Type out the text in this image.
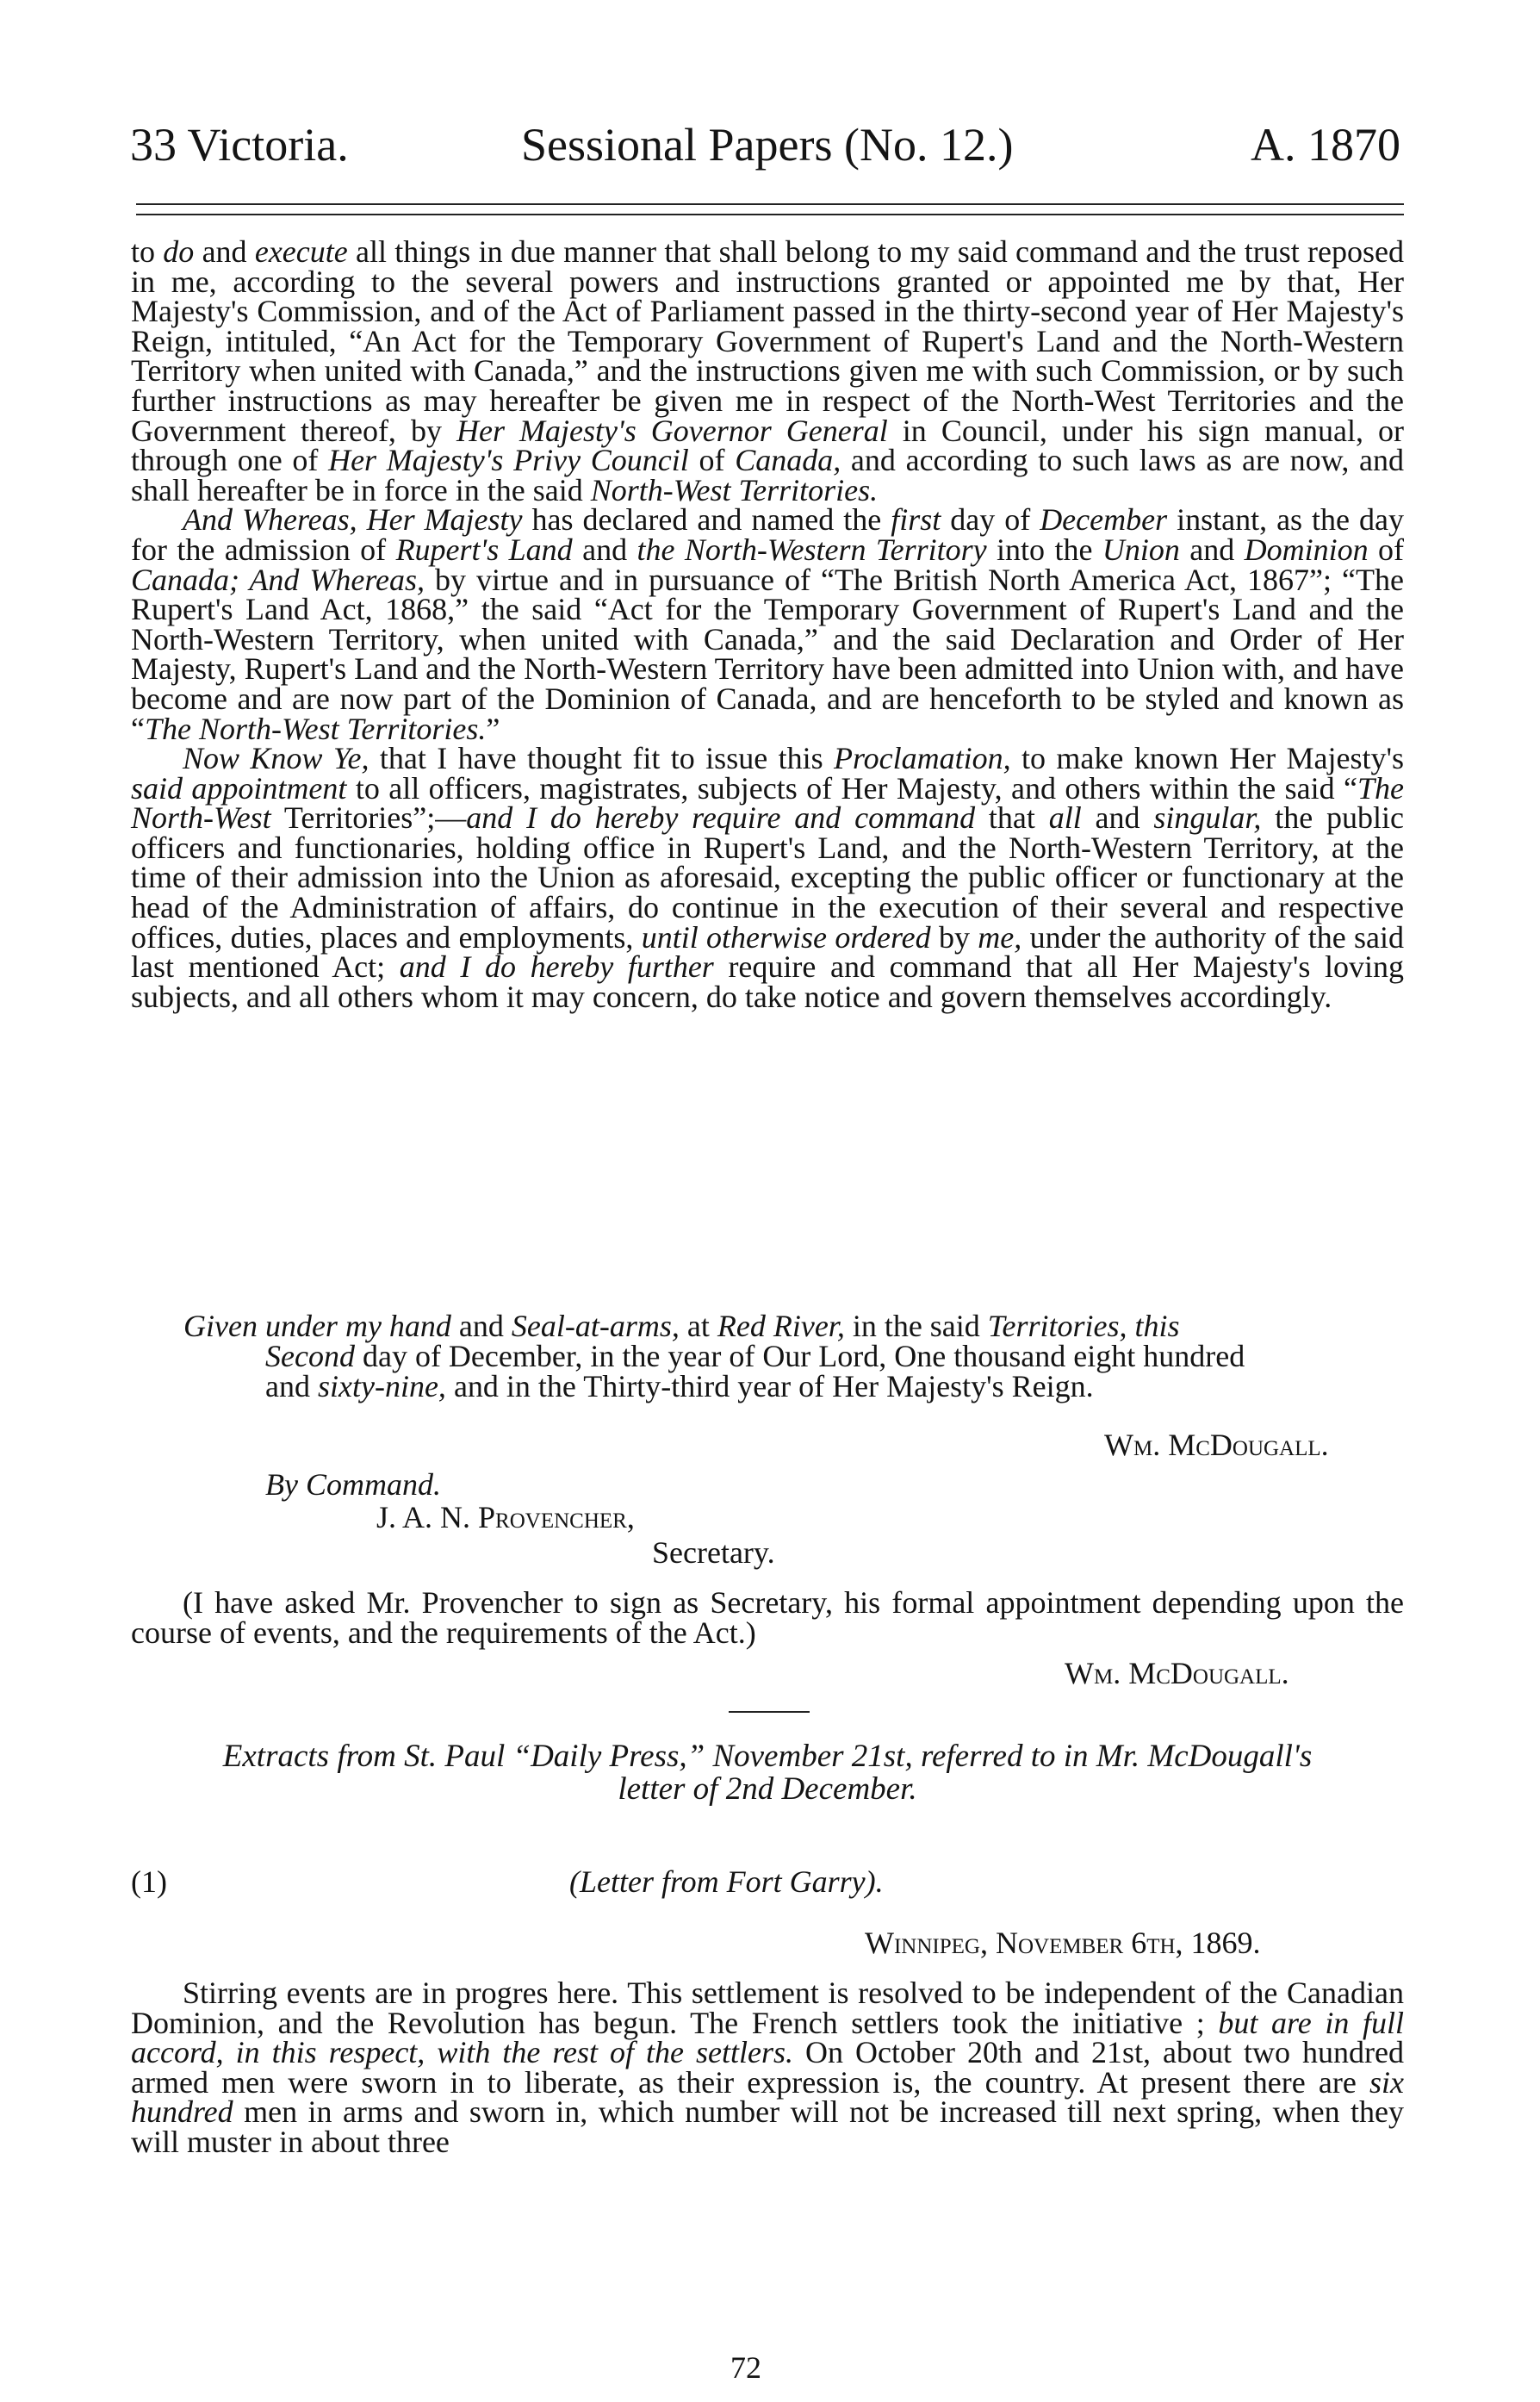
33 Victoria.	Sessional Papers (No. 12.)	A. 1870

to do and execute all things in due manner that shall belong to my said command and the trust reposed in me, according to the several powers and instructions granted or appointed me by that, Her Majesty's Commission, and of the Act of Parliament passed in the thirty-second year of Her Majesty's Reign, intituled, “An Act for the Temporary Government of Rupert's Land and the North-Western Territory when united with Canada,” and the instructions given me with such Commission, or by such further instructions as may hereafter be given me in respect of the North-West Territories and the Government thereof, by Her Majesty's Governor General in Council, under his sign manual, or through one of Her Majesty's Privy Council of Canada, and according to such laws as are now, and shall hereafter be in force in the said North-West Territories.

And Whereas, Her Majesty has declared and named the first day of December instant, as the day for the admission of Rupert's Land and the North-Western Territory into the Union and Dominion of Canada; And Whereas, by virtue and in pursuance of “The British North America Act, 1867”; “The Rupert's Land Act, 1868,” the said “Act for the Temporary Government of Rupert's Land and the North-Western Territory, when united with Canada,” and the said Declaration and Order of Her Majesty, Rupert's Land and the North-Western Territory have been admitted into Union with, and have become and are now part of the Dominion of Canada, and are henceforth to be styled and known as “The North-West Territories.”

Now Know Ye, that I have thought fit to issue this Proclamation, to make known Her Majesty's said appointment to all officers, magistrates, subjects of Her Majesty, and others within the said “The North-West Territories”;—and I do hereby require and command that all and singular, the public officers and functionaries, holding office in Rupert's Land, and the North-Western Territory, at the time of their admission into the Union as aforesaid, excepting the public officer or functionary at the head of the Administration of affairs, do continue in the execution of their several and respective offices, duties, places and employments, until otherwise ordered by me, under the authority of the said last mentioned Act; and I do hereby further require and command that all Her Majesty's loving subjects, and all others whom it may concern, do take notice and govern themselves accordingly.

Given under my hand and Seal-at-arms, at Red River, in the said Territories, this
Second day of December, in the year of Our Lord, One thousand eight hundred
and sixty-nine, and in the Thirty-third year of Her Majesty's Reign.
Wm. McDougall.
By Command.
J. A. N. Provencher,
Secretary.

(I have asked Mr. Provencher to sign as Secretary, his formal appointment depending upon the course of events, and the requirements of the Act.)

Wm. McDougall.
Extracts from St. Paul “Daily Press,” November 21st, referred to in Mr. McDougall's
letter of 2nd December.
(1)	(Letter from Fort Garry).
Winnipeg, November 6th, 1869.

Stirring events are in progres here. This settlement is resolved to be independent of the Canadian Dominion, and the Revolution has begun. The French settlers took the initiative ; but are in full accord, in this respect, with the rest of the settlers. On October 20th and 21st, about two hundred armed men were sworn in to liberate, as their expression is, the country. At present there are six hundred men in arms and sworn in, which number will not be increased till next spring, when they will muster in about three

72
